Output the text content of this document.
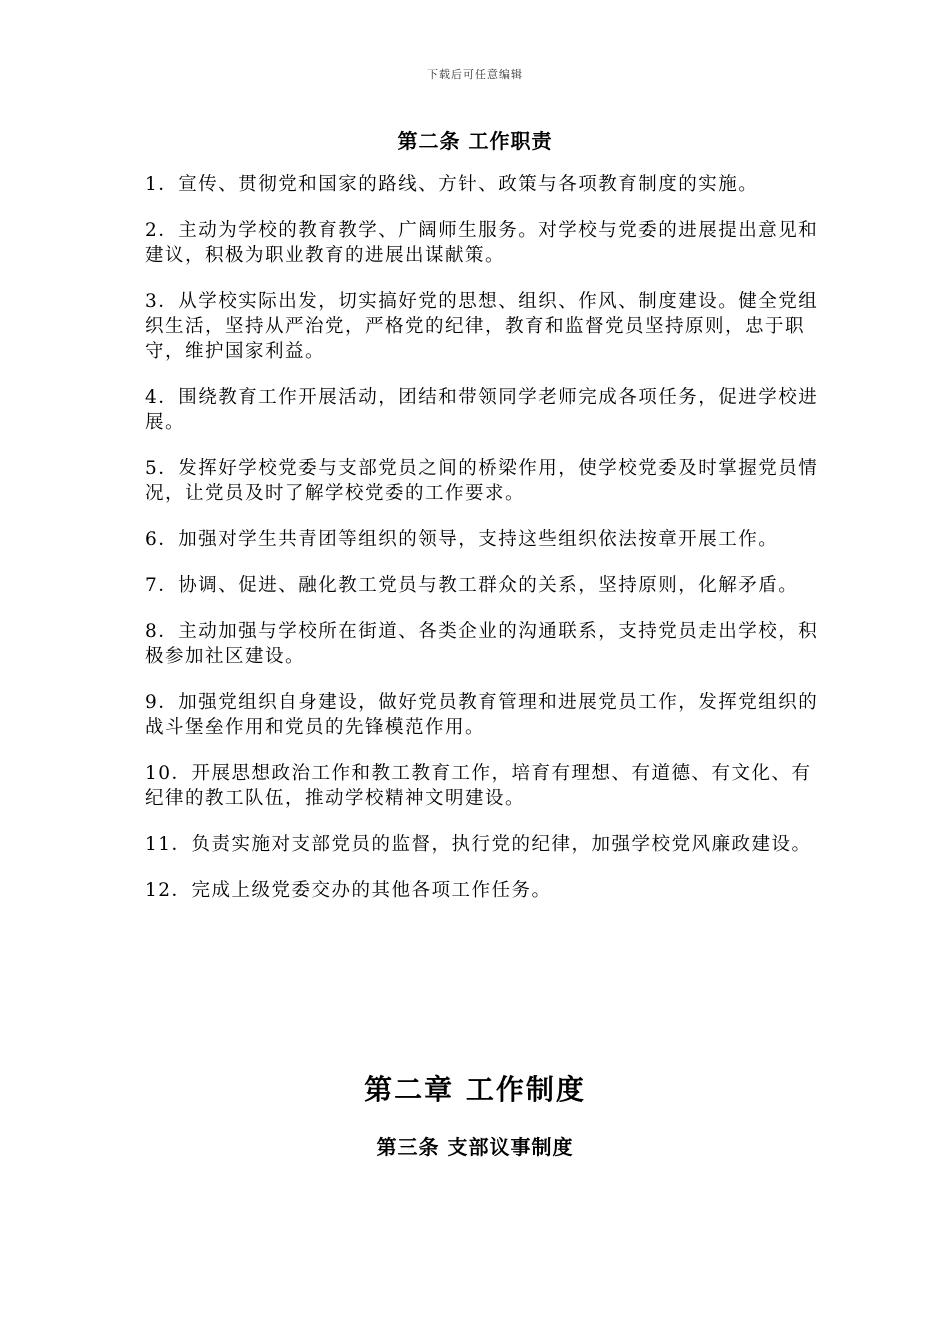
下载后可任意编辑
第二条 工作职责
1．宣传、贯彻党和国家的路线、方针、政策与各项教育制度的实施。
2．主动为学校的教育教学、广阔师生服务。对学校与党委的进展提出意见和建议，积极为职业教育的进展出谋献策。
3．从学校实际出发，切实搞好党的思想、组织、作风、制度建设。健全党组织生活，坚持从严治党，严格党的纪律，教育和监督党员坚持原则，忠于职守，维护国家利益。
4．围绕教育工作开展活动，团结和带领同学老师完成各项任务，促进学校进展。
5．发挥好学校党委与支部党员之间的桥梁作用，使学校党委及时掌握党员情况，让党员及时了解学校党委的工作要求。
6．加强对学生共青团等组织的领导，支持这些组织依法按章开展工作。
7．协调、促进、融化教工党员与教工群众的关系，坚持原则，化解矛盾。
8．主动加强与学校所在街道、各类企业的沟通联系，支持党员走出学校，积极参加社区建设。
9．加强党组织自身建设，做好党员教育管理和进展党员工作，发挥党组织的战斗堡垒作用和党员的先锋模范作用。
10．开展思想政治工作和教工教育工作，培育有理想、有道德、有文化、有纪律的教工队伍，推动学校精神文明建设。
11．负责实施对支部党员的监督，执行党的纪律，加强学校党风廉政建设。
12．完成上级党委交办的其他各项工作任务。
第二章 工作制度
第三条 支部议事制度
